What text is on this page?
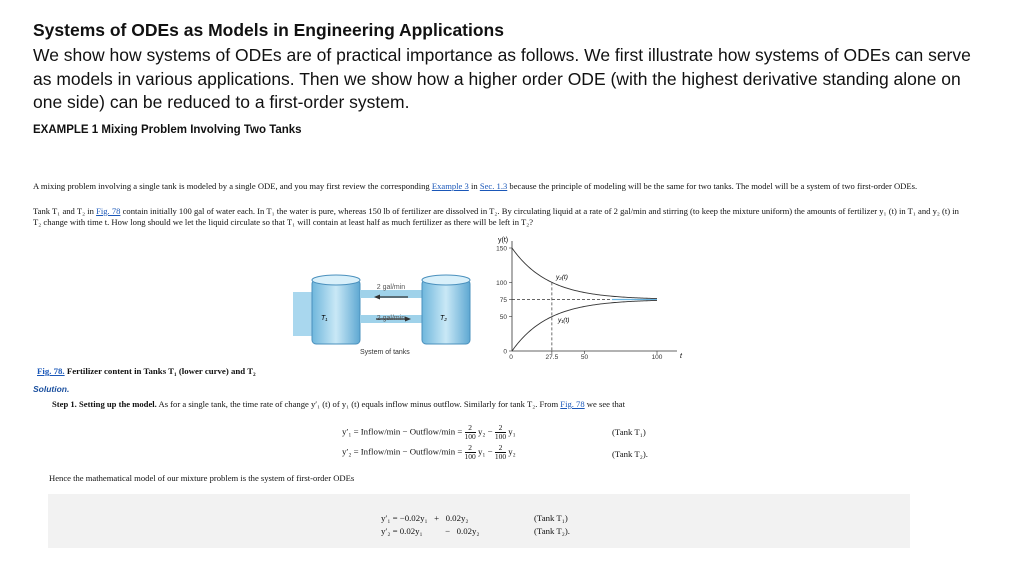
Systems of ODEs as Models in Engineering Applications
We show how systems of ODEs are of practical importance as follows. We first illustrate how systems of ODEs can serve as models in various applications. Then we show how a higher order ODE (with the highest derivative standing alone on one side) can be reduced to a first-order system.
EXAMPLE 1 Mixing Problem Involving Two Tanks
A mixing problem involving a single tank is modeled by a single ODE, and you may first review the corresponding Example 3 in Sec. 1.3 because the principle of modeling will be the same for two tanks. The model will be a system of two first-order ODEs.
Tank T₁ and T₂ in Fig. 78 contain initially 100 gal of water each. In T₁ the water is pure, whereas 150 lb of fertilizer are dissolved in T₂. By circulating liquid at a rate of 2 gal/min and stirring (to keep the mixture uniform) the amounts of fertilizer y₁ (t) in T₁ and y₂ (t) in T₂ change with time t. How long should we let the liquid circulate so that T₁ will contain at least half as much fertilizer as there will be left in T₂?
2 gal/min
2 gal/min
T₁	T₂
System of tanks
150
100
75
50
0
0	27.5	50	100
y(t)
t
y₂(t)
y₁(t)
Fig. 78. Fertilizer content in Tanks T₁ (lower curve) and T₂
Solution.
Step 1. Setting up the model. As for a single tank, the time rate of change y′₁ (t) of y₁ (t) equals inflow minus outflow. Similarly for tank T₂. From Fig. 78 we see that
y′₁ = Inflow/min − Outflow/min = $\frac{2}{100} y_2 - \frac{2}{100} y_1$	(Tank T₁)
y′₂ = Inflow/min − Outflow/min = $\frac{2}{100} y_1 - \frac{2}{100} y_2$	(Tank T₂).
Hence the mathematical model of our mixture problem is the system of first-order ODEs
y′₁ = −0.02y₁ + 0.02y₂	(Tank T₁)
y′₂ = 0.02y₁	− 0.02y₂	(Tank T₂).
